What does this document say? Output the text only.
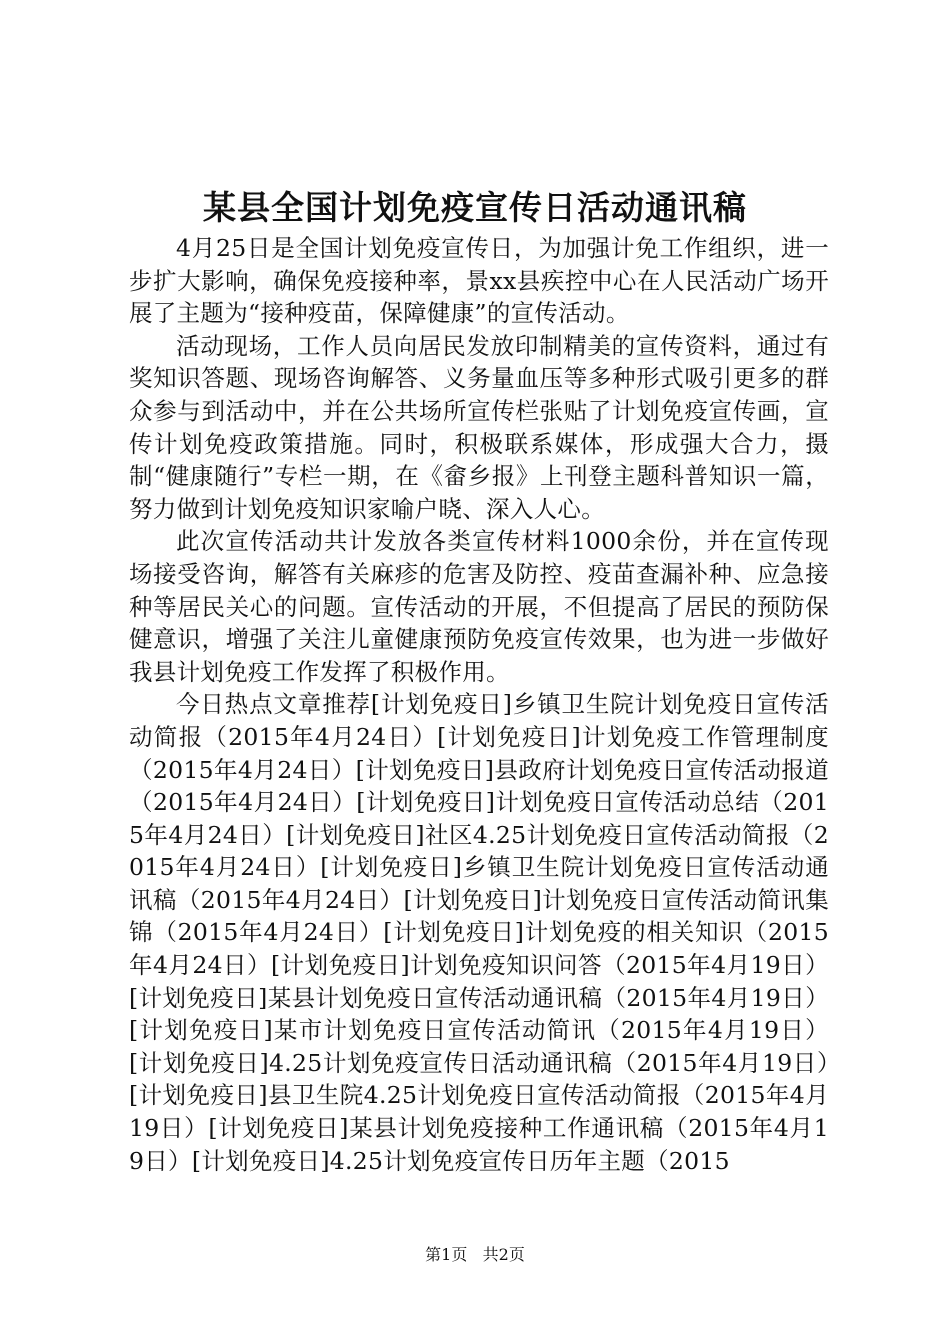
某县全国计划免疫宣传日活动通讯稿

4月25日是全国计划免疫宣传日，为加强计免工作组织，进一步扩大影响，确保免疫接种率，景xx县疾控中心在人民活动广场开展了主题为“接种疫苗，保障健康”的宣传活动。

活动现场，工作人员向居民发放印制精美的宣传资料，通过有奖知识答题、现场咨询解答、义务量血压等多种形式吸引更多的群众参与到活动中，并在公共场所宣传栏张贴了计划免疫宣传画，宣传计划免疫政策措施。同时，积极联系媒体，形成强大合力，摄制“健康随行”专栏一期，在《畲乡报》上刊登主题科普知识一篇，努力做到计划免疫知识家喻户晓、深入人心。

此次宣传活动共计发放各类宣传材料1000余份，并在宣传现场接受咨询，解答有关麻疹的危害及防控、疫苗查漏补种、应急接种等居民关心的问题。宣传活动的开展，不但提高了居民的预防保健意识，增强了关注儿童健康预防免疫宣传效果，也为进一步做好我县计划免疫工作发挥了积极作用。

今日热点文章推荐[计划免疫日]乡镇卫生院计划免疫日宣传活动简报（2015年4月24日）[计划免疫日]计划免疫工作管理制度（2015年4月24日）[计划免疫日]县政府计划免疫日宣传活动报道（2015年4月24日）[计划免疫日]计划免疫日宣传活动总结（2015年4月24日）[计划免疫日]社区4.25计划免疫日宣传活动简报（2015年4月24日）[计划免疫日]乡镇卫生院计划免疫日宣传活动通讯稿（2015年4月24日）[计划免疫日]计划免疫日宣传活动简讯集锦（2015年4月24日）[计划免疫日]计划免疫的相关知识（2015年4月24日）[计划免疫日]计划免疫知识问答（2015年4月19日）[计划免疫日]某县计划免疫日宣传活动通讯稿（2015年4月19日）[计划免疫日]某市计划免疫日宣传活动简讯（2015年4月19日）[计划免疫日]4.25计划免疫宣传日活动通讯稿（2015年4月19日）[计划免疫日]县卫生院4.25计划免疫日宣传活动简报（2015年4月19日）[计划免疫日]某县计划免疫接种工作通讯稿（2015年4月19日）[计划免疫日]4.25计划免疫宣传日历年主题（2015

第1页 共2页
